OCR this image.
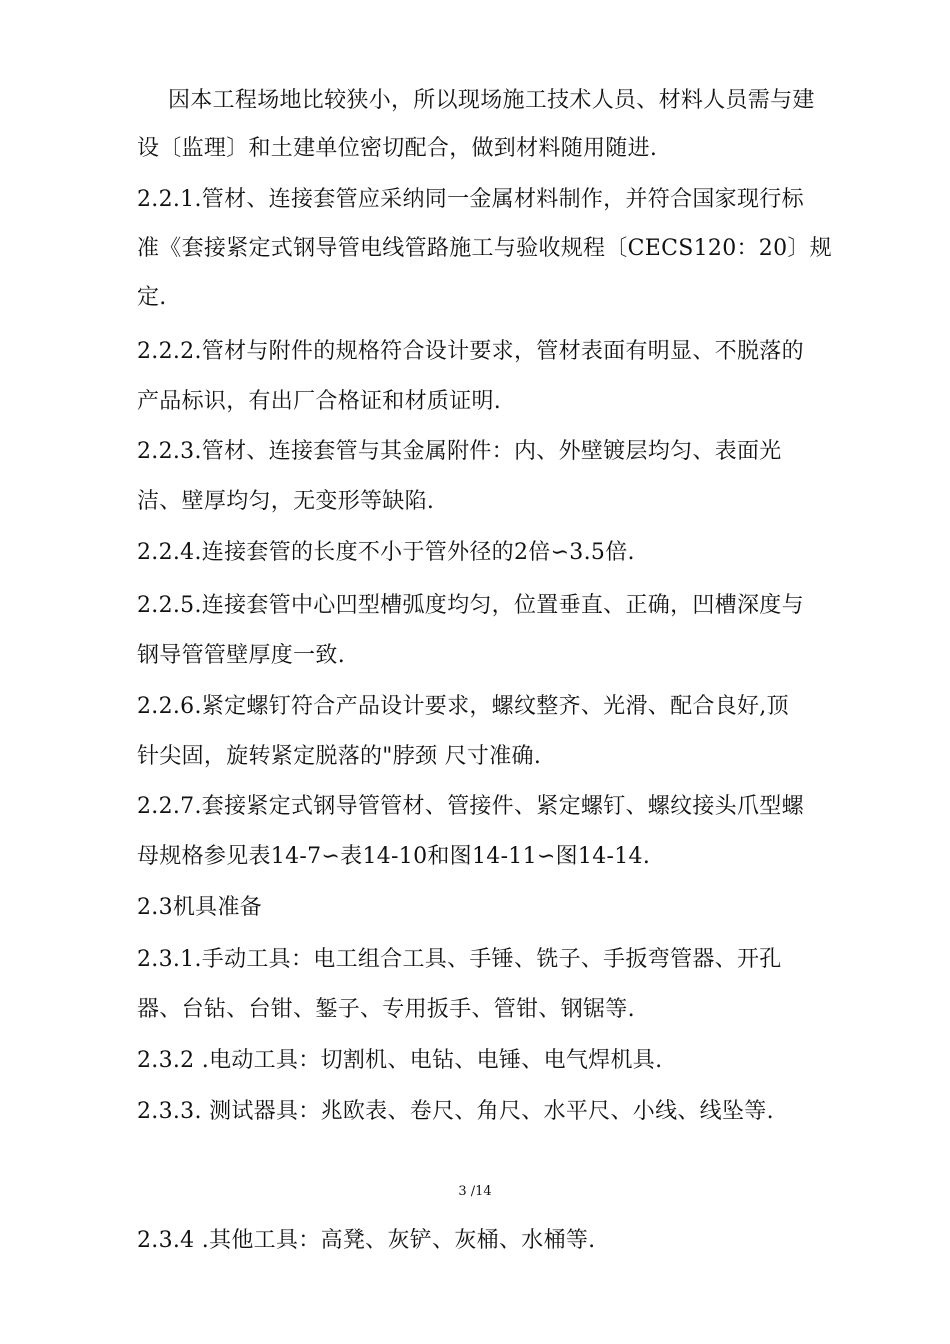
因本工程场地比较狭小，所以现场施工技术人员、材料人员需与建
设〔监理〕和土建单位密切配合，做到材料随用随进.
2.2.1.管材、连接套管应采纳同一金属材料制作，并符合国家现行标
准《套接紧定式钢导管电线管路施工与验收规程〔CECS120：20〕规
定.
2.2.2.管材与附件的规格符合设计要求，管材表面有明显、不脱落的
产品标识，有出厂合格证和材质证明.
2.2.3.管材、连接套管与其金属附件：内、外壁镀层均匀、表面光
洁、壁厚均匀，无变形等缺陷.
2.2.4.连接套管的长度不小于管外径的2倍∽3.5倍.
2.2.5.连接套管中心凹型槽弧度均匀，位置垂直、正确，凹槽深度与
钢导管管壁厚度一致.
2.2.6.紧定螺钉符合产品设计要求，螺纹整齐、光滑、配合良好,顶
针尖固，旋转紧定脱落的"脖颈 尺寸准确.
2.2.7.套接紧定式钢导管管材、管接件、紧定螺钉、螺纹接头爪型螺
母规格参见表14-7∽表14-10和图14-11∽图14-14.
2.3机具准备
2.3.1.手动工具：电工组合工具、手锤、铣子、手扳弯管器、开孔
器、台钻、台钳、錾子、专用扳手、管钳、钢锯等.
2.3.2 .电动工具：切割机、电钻、电锤、电气焊机具.
2.3.3. 测试器具：兆欧表、卷尺、角尺、水平尺、小线、线坠等.
3 /14
2.3.4 .其他工具：高凳、灰铲、灰桶、水桶等.
